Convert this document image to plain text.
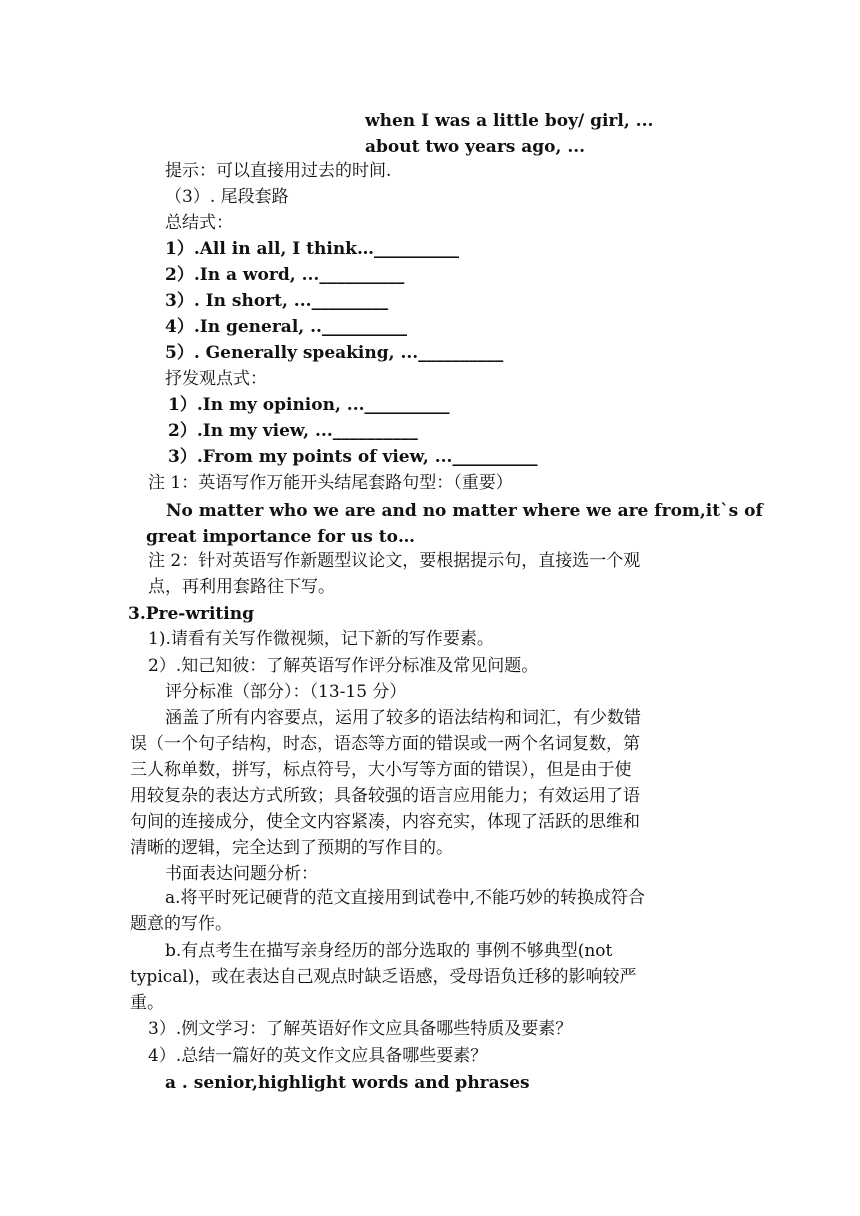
when I was a little boy/ girl, ...
about two years ago, ...
提示：可以直接用过去的时间.
（3）. 尾段套路
总结式：
1）.All in all, I think…__________
2）.In a word, ...__________
3）. In short, ..._________
4）.In general, ..__________
5）. Generally speaking, ...__________
抒发观点式：
1）.In my opinion, ...__________
2）.In my view, ...__________
3）.From my points of view, ...__________
注 1：英语写作万能开头结尾套路句型：（重要）
No matter who we are and no matter where we are from,it`s of
great importance for us to…
注 2：针对英语写作新题型议论文，要根据提示句，直接选一个观
点，再利用套路往下写。
3.Pre-writing
1).请看有关写作微视频，记下新的写作要素。
2）.知己知彼：了解英语写作评分标准及常见问题。
评分标准（部分）：（13-15 分）
涵盖了所有内容要点，运用了较多的语法结构和词汇，有少数错
误（一个句子结构，时态，语态等方面的错误或一两个名词复数，第
三人称单数，拼写，标点符号，大小写等方面的错误），但是由于使
用较复杂的表达方式所致；具备较强的语言应用能力；有效运用了语
句间的连接成分，使全文内容紧凑，内容充实，体现了活跃的思维和
清晰的逻辑，完全达到了预期的写作目的。
书面表达问题分析：
a.将平时死记硬背的范文直接用到试卷中,不能巧妙的转换成符合
题意的写作。
b.有点考生在描写亲身经历的部分选取的 事例不够典型(not
typical)，或在表达自己观点时缺乏语感，受母语负迁移的影响较严
重。
3）.例文学习：了解英语好作文应具备哪些特质及要素？
4）.总结一篇好的英文作文应具备哪些要素？
a . senior,highlight words and phrases
